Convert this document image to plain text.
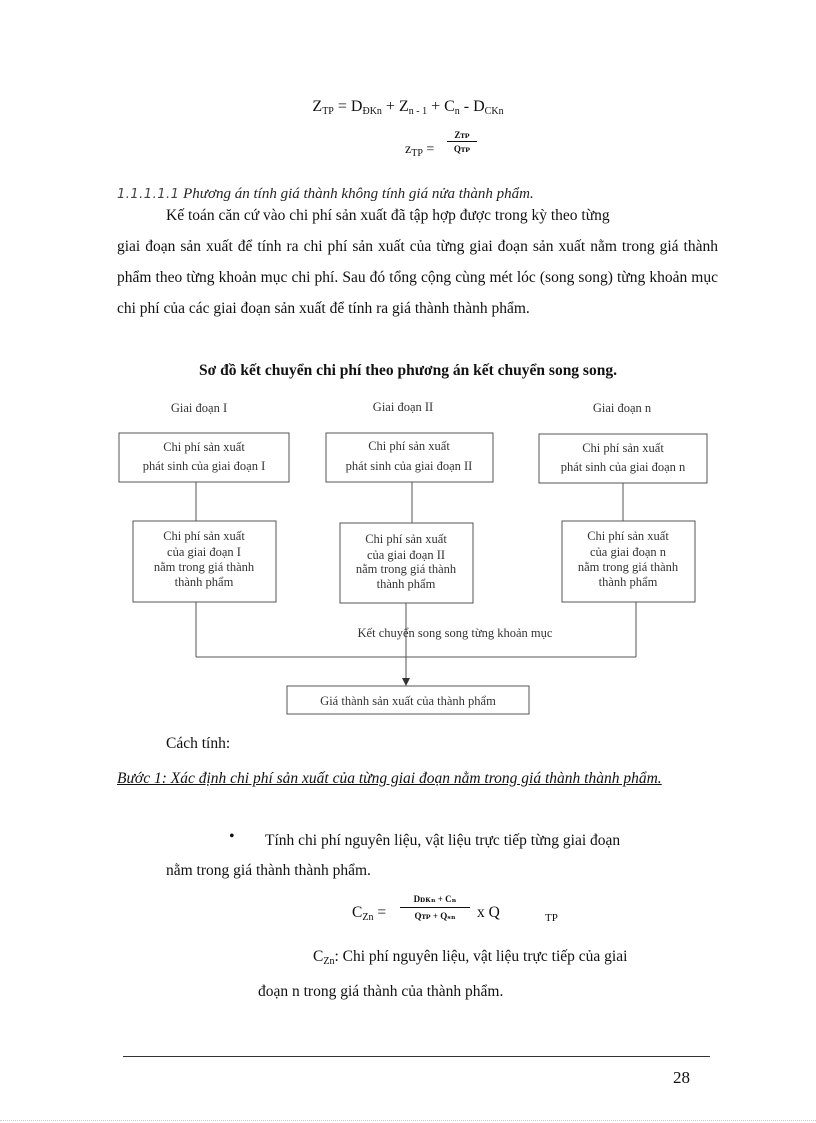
$Z_{TP} = D_{ĐKn} + Z_{n - 1} + C_n - D_{CKn}$
$z_{TP}$ =
Zᴛᴘ
Qᴛᴘ
1.1.1.1.1 Phương án tính giá thành không tính giá nửa thành phẩm.
Kế toán căn cứ vào chi phí sản xuất đã tập hợp được trong kỳ theo từng
giai đoạn sản xuất để tính ra chi phí sản xuất của từng giai đoạn sản xuất nằm trong giá thành phẩm theo từng khoản mục chi phí. Sau đó tổng cộng cùng mét lóc (song song) từng khoản mục chi phí của các giai đoạn sản xuất để tính ra giá thành thành phẩm.
Sơ đồ kết chuyển chi phí theo phương án kết chuyển song song.
Giai đoạn I	Giai đoạn II	Giai đoạn n
Chi phí sản xuất
phát sinh của giai đoạn I
Chi phí sản xuất
phát sinh của giai đoạn II
Chi phí sản xuất
phát sinh của giai đoạn n
Chi phí sản xuất
của giai đoạn I
nằm trong giá thành
thành phẩm
Chi phí sản xuất
của giai đoạn II
nằm trong giá thành
thành phẩm
Chi phí sản xuất
của giai đoạn n
nằm trong giá thành
thành phẩm
Kết chuyển song song từng khoản mục
Giá thành sản xuất của thành phẩm
Cách tính:
Bước 1: Xác định chi phí sản xuất của từng giai đoạn nằm trong giá thành thành phẩm.
•	Tính chi phí nguyên liệu, vật liệu trực tiếp từng giai đoạn
nằm trong giá thành thành phẩm.
$C_{Zn}$ =
Dᴅᴋₙ + Cₙ
Qᴛᴘ + Qₛₙ	x Q	TP
$C_{Zn}$: Chi phí nguyên liệu, vật liệu trực tiếp của giai
đoạn n trong giá thành của thành phẩm.
28
